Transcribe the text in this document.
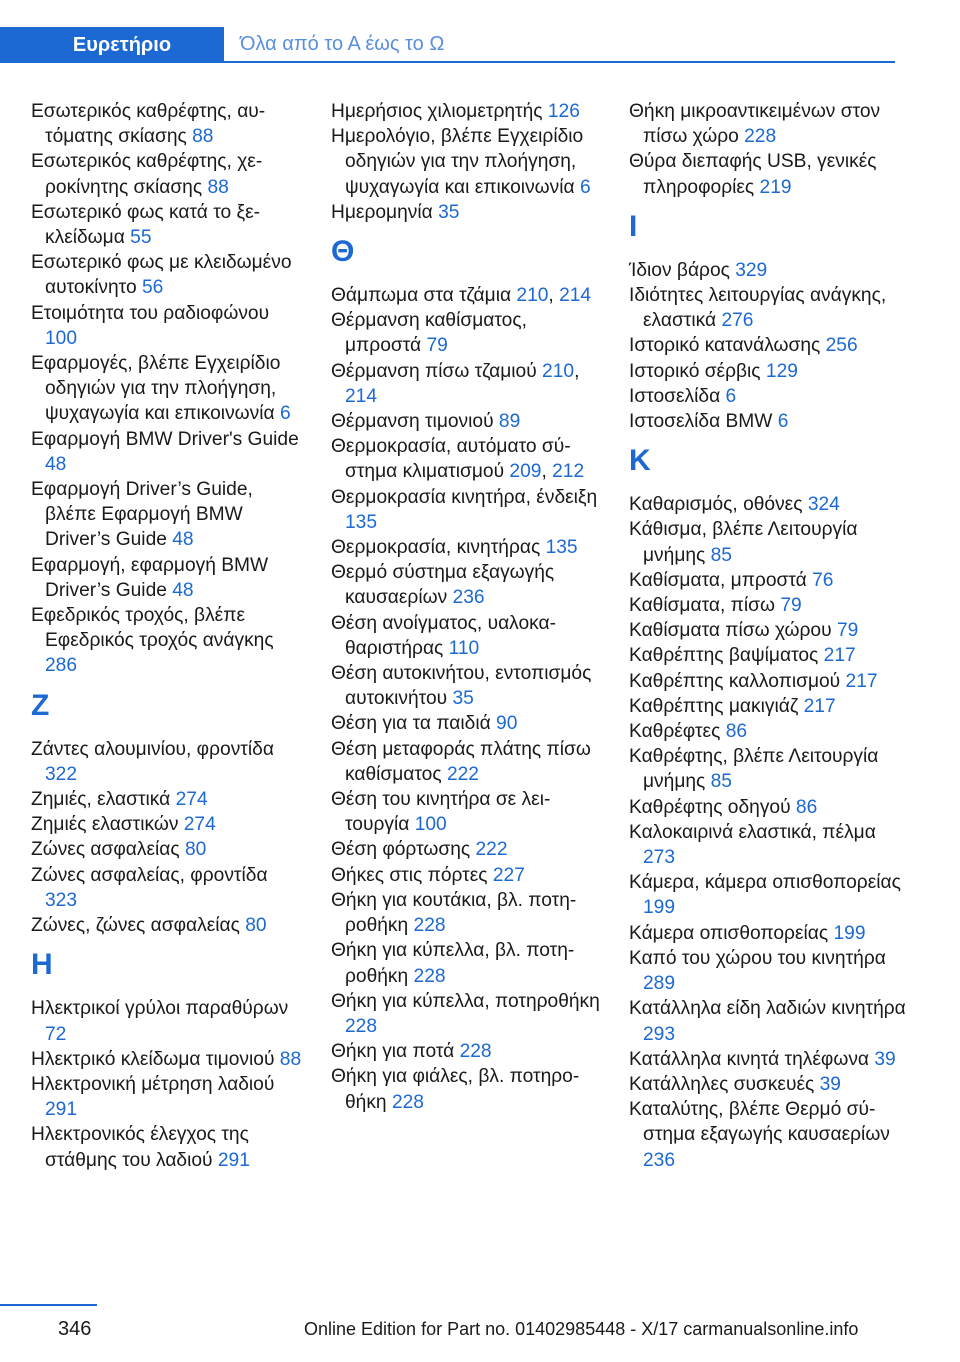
Ευρετήριο	Όλα από το Α έως το Ω
Εσωτερικός καθρέφτης, αυτόματης σκίασης 88
Εσωτερικός καθρέφτης, χεροκίνητης σκίασης 88
Εσωτερικό φως κατά το ξεκλείδωμα 55
Εσωτερικό φως με κλειδωμένο αυτοκίνητο 56
Ετοιμότητα του ραδιοφώνου 100
Εφαρμογές, βλέπε Εγχειρίδιο οδηγιών για την πλοήγηση, ψυχαγωγία και επικοινωνία 6
Εφαρμογή BMW Driver's Guide 48
Εφαρμογή Driver’s Guide, βλέπε Εφαρμογή BMW Driver’s Guide 48
Εφαρμογή, εφαρμογή BMW Driver’s Guide 48
Εφεδρικός τροχός, βλέπε Εφεδρικός τροχός ανάγκης 286
Z
Ζάντες αλουμινίου, φροντίδα 322
Ζημιές, ελαστικά 274
Ζημιές ελαστικών 274
Ζώνες ασφαλείας 80
Ζώνες ασφαλείας, φροντίδα 323
Ζώνες, ζώνες ασφαλείας 80
H
Ηλεκτρικοί γρύλοι παραθύρων 72
Ηλεκτρικό κλείδωμα τιμονιού 88
Ηλεκτρονική μέτρηση λαδιού 291
Ηλεκτρονικός έλεγχος της στάθμης του λαδιού 291
Ημερήσιος χιλιομετρητής 126
Ημερολόγιο, βλέπε Εγχειρίδιο οδηγιών για την πλοήγηση, ψυχαγωγία και επικοινωνία 6
Ημερομηνία 35
Θ
Θάμπωμα στα τζάμια 210, 214
Θέρμανση καθίσματος, μπροστά 79
Θέρμανση πίσω τζαμιού 210, 214
Θέρμανση τιμονιού 89
Θερμοκρασία, αυτόματο σύστημα κλιματισμού 209, 212
Θερμοκρασία κινητήρα, ένδειξη 135
Θερμοκρασία, κινητήρας 135
Θερμό σύστημα εξαγωγής καυσαερίων 236
Θέση ανοίγματος, υαλοκαθαριστήρας 110
Θέση αυτοκινήτου, εντοπισμός αυτοκινήτου 35
Θέση για τα παιδιά 90
Θέση μεταφοράς πλάτης πίσω καθίσματος 222
Θέση του κινητήρα σε λειτουργία 100
Θέση φόρτωσης 222
Θήκες στις πόρτες 227
Θήκη για κουτάκια, βλ. ποτηροθήκη 228
Θήκη για κύπελλα, βλ. ποτηροθήκη 228
Θήκη για κύπελλα, ποτηροθήκη 228
Θήκη για ποτά 228
Θήκη για φιάλες, βλ. ποτηροθήκη 228
Θήκη μικροαντικειμένων στον πίσω χώρο 228
Θύρα διεπαφής USB, γενικές πληροφορίες 219
I
Ίδιον βάρος 329
Ιδιότητες λειτουργίας ανάγκης, ελαστικά 276
Ιστορικό κατανάλωσης 256
Ιστορικό σέρβις 129
Ιστοσελίδα 6
Ιστοσελίδα BMW 6
K
Καθαρισμός, οθόνες 324
Κάθισμα, βλέπε Λειτουργία μνήμης 85
Καθίσματα, μπροστά 76
Καθίσματα, πίσω 79
Καθίσματα πίσω χώρου 79
Καθρέπτης βαψίματος 217
Καθρέπτης καλλοπισμού 217
Καθρέπτης μακιγιάζ 217
Καθρέφτες 86
Καθρέφτης, βλέπε Λειτουργία μνήμης 85
Καθρέφτης οδηγού 86
Καλοκαιρινά ελαστικά, πέλμα 273
Κάμερα, κάμερα οπισθοπορείας 199
Κάμερα οπισθοπορείας 199
Καπό του χώρου του κινητήρα 289
Κατάλληλα είδη λαδιών κινητήρα 293
Κατάλληλα κινητά τηλέφωνα 39
Κατάλληλες συσκευές 39
Καταλύτης, βλέπε Θερμό σύστημα εξαγωγής καυσαερίων 236
346	Online Edition for Part no. 01402985448 - X/17 carmanualsonline.info
